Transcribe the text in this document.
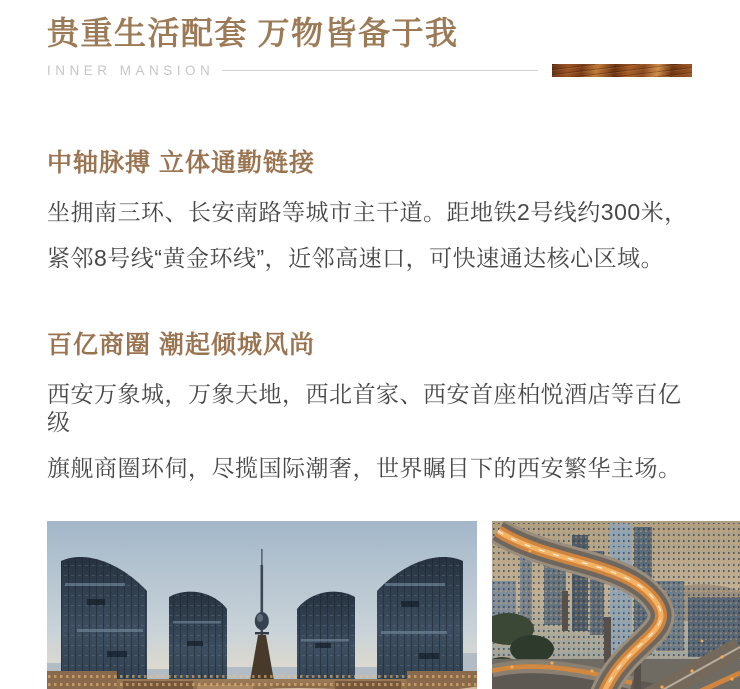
贵重生活配套 万物皆备于我
INNER MANSION
中轴脉搏 立体通勤链接

坐拥南三环、长安南路等城市主干道。距地铁2号线约300米，

紧邻8号线“黄金环线”，近邻高速口，可快速通达核心区域。

百亿商圈 潮起倾城风尚

西安万象城，万象天地，西北首家、西安首座柏悦酒店等百亿级

旗舰商圈环伺，尽揽国际潮奢，世界瞩目下的西安繁华主场。
